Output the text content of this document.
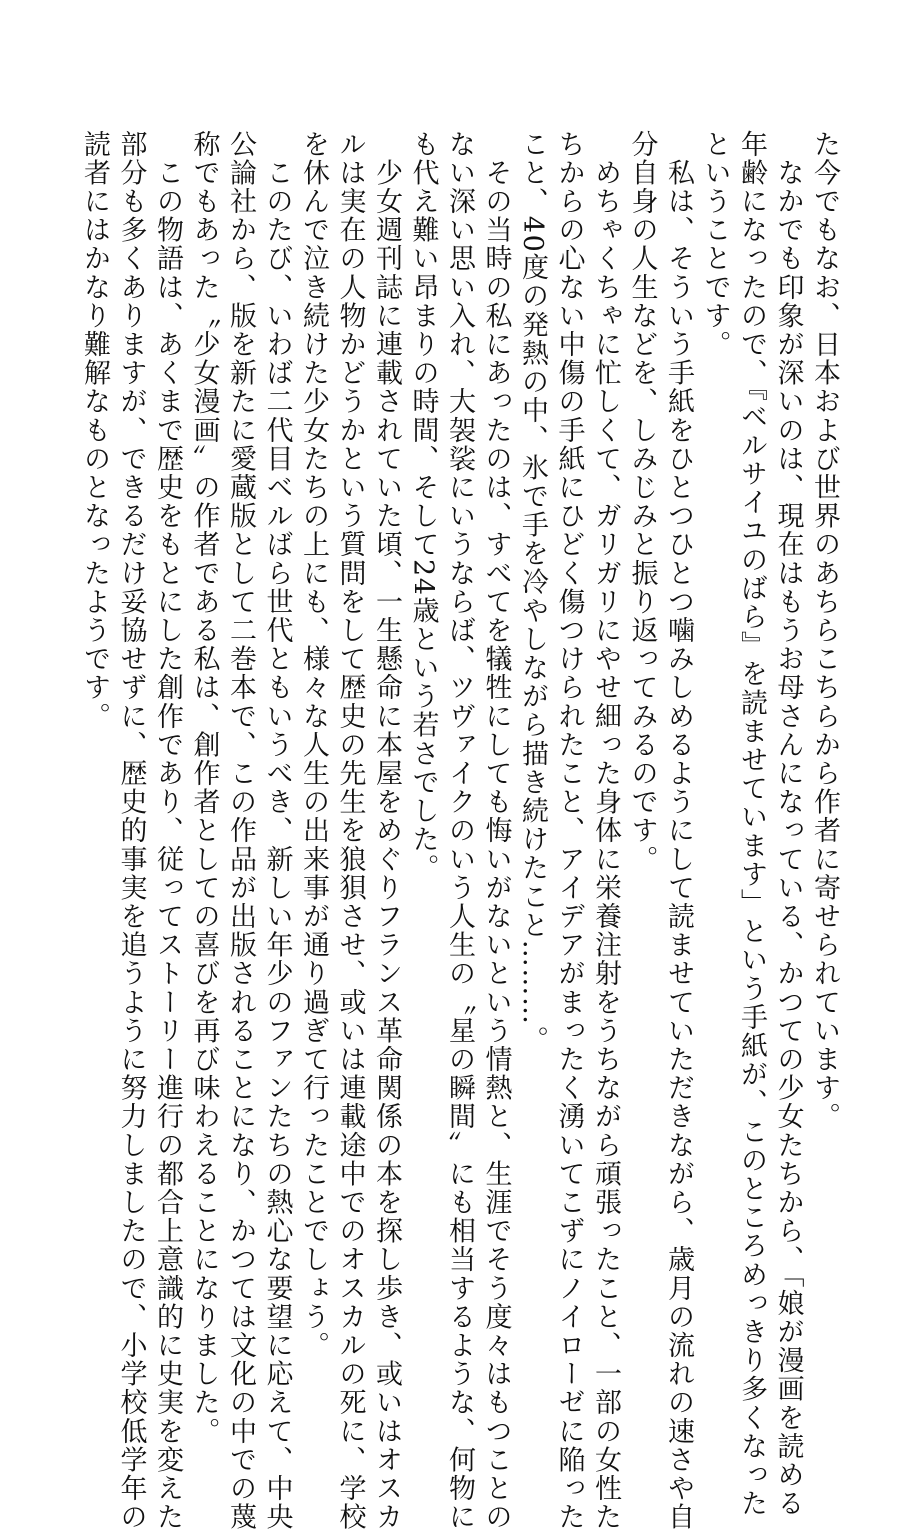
た今でもなお、日本および世界のあちらこちらから作者に寄せられています。
　なかでも印象が深いのは、現在はもうお母さんになっている、かつての少女たちから、「娘が漫画を読める
年齢になったので、『ベルサイユのばら』を読ませています」という手紙が、このところめっきり多くなった
ということです。
　私は、そういう手紙をひとつひとつ噛みしめるようにして読ませていただきながら、歳月の流れの速さや自
分自身の人生などを、しみじみと振り返ってみるのです。
　めちゃくちゃに忙しくて、ガリガリにやせ細った身体に栄養注射をうちながら頑張ったこと、一部の女性た
ちからの心ない中傷の手紙にひどく傷つけられたこと、アイデアがまったく湧いてこずにノイローゼに陥った
こと、40度の発熱の中、氷で手を冷やしながら描き続けたこと………。
　その当時の私にあったのは、すべてを犠牲にしても悔いがないという情熱と、生涯でそう度々はもつことの
ない深い思い入れ、大袈裟にいうならば、ツヴァイクのいう人生の〝星の瞬間〟にも相当するような、何物に
も代え難い昂まりの時間、そして24歳という若さでした。
　少女週刊誌に連載されていた頃、一生懸命に本屋をめぐりフランス革命関係の本を探し歩き、或いはオスカ
ルは実在の人物かどうかという質問をして歴史の先生を狼狽させ、或いは連載途中でのオスカルの死に、学校
を休んで泣き続けた少女たちの上にも、様々な人生の出来事が通り過ぎて行ったことでしょう。
　このたび、いわば二代目ベルばら世代ともいうべき、新しい年少のファンたちの熱心な要望に応えて、中央
公論社から、版を新たに愛蔵版として二巻本で、この作品が出版されることになり、かつては文化の中での蔑
称でもあった〝少女漫画〟の作者である私は、創作者としての喜びを再び味わえることになりました。
　この物語は、あくまで歴史をもとにした創作であり、従ってストーリー進行の都合上意識的に史実を変えた
部分も多くありますが、できるだけ妥協せずに、歴史的事実を追うように努力しましたので、小学校低学年の
読者にはかなり難解なものとなったようです。
